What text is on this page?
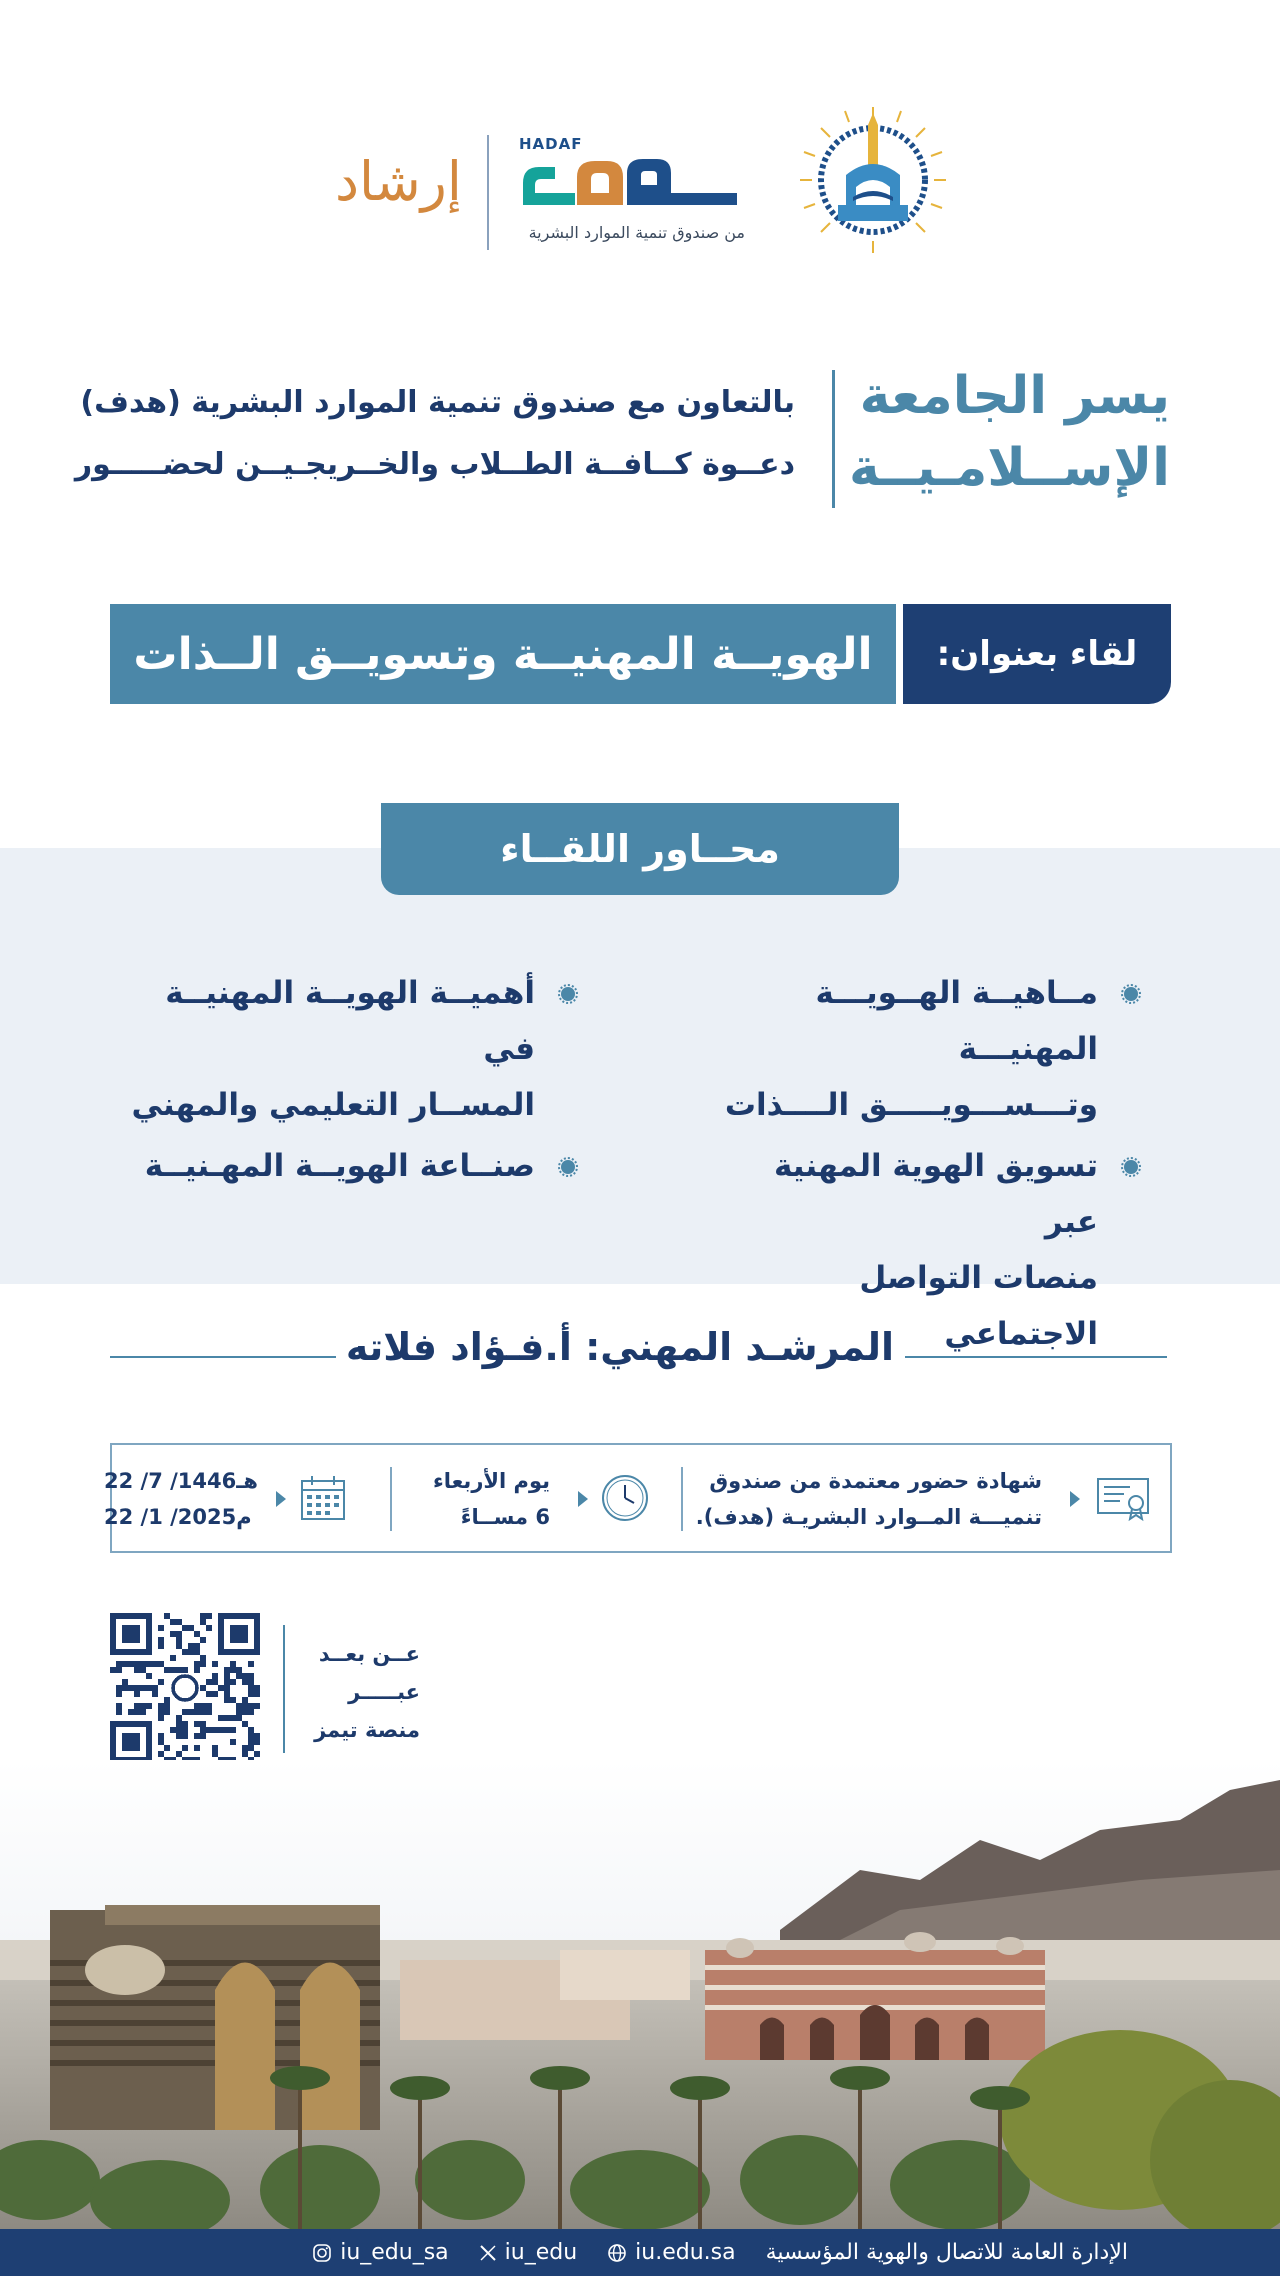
HADAF
من صندوق تنمية الموارد البشرية
إرشاد
يسر الجامعة
الإســلامـيــة
بالتعاون مع صندوق تنمية الموارد البشرية (هدف)
دعــوة كــافــة الطــلاب والخــريجـيــن لحضـــــور
لقاء بعنوان:
الهويــة المهنيــة وتسويــق الــذات
محــاور اللقــاء
مــاهيــة الهــويـــة المهنيـــة
وتـــســـويـــــق الــــذات
أهميــة الهويــة المهنيــة في
المســار التعليمي والمهني
تسويق الهوية المهنية عبر
منصات التواصل الاجتماعي
صنــاعة الهويــة المهـنيــة
المرشـد المهني: أ.فـؤاد فلاته
شهادة حضور معتمدة من صندوق
تنميـــة المــوارد البشريـة (هدف).
يوم الأربعاء
6 مســاءً
22 /7 /1446هـ
22 /1 /2025م
عــن بعــد
عبـــــر
منصة تيمز
الإدارة العامة للاتصال والهوية المؤسسية
iu.edu.sa
iu_edu
iu_edu_sa
